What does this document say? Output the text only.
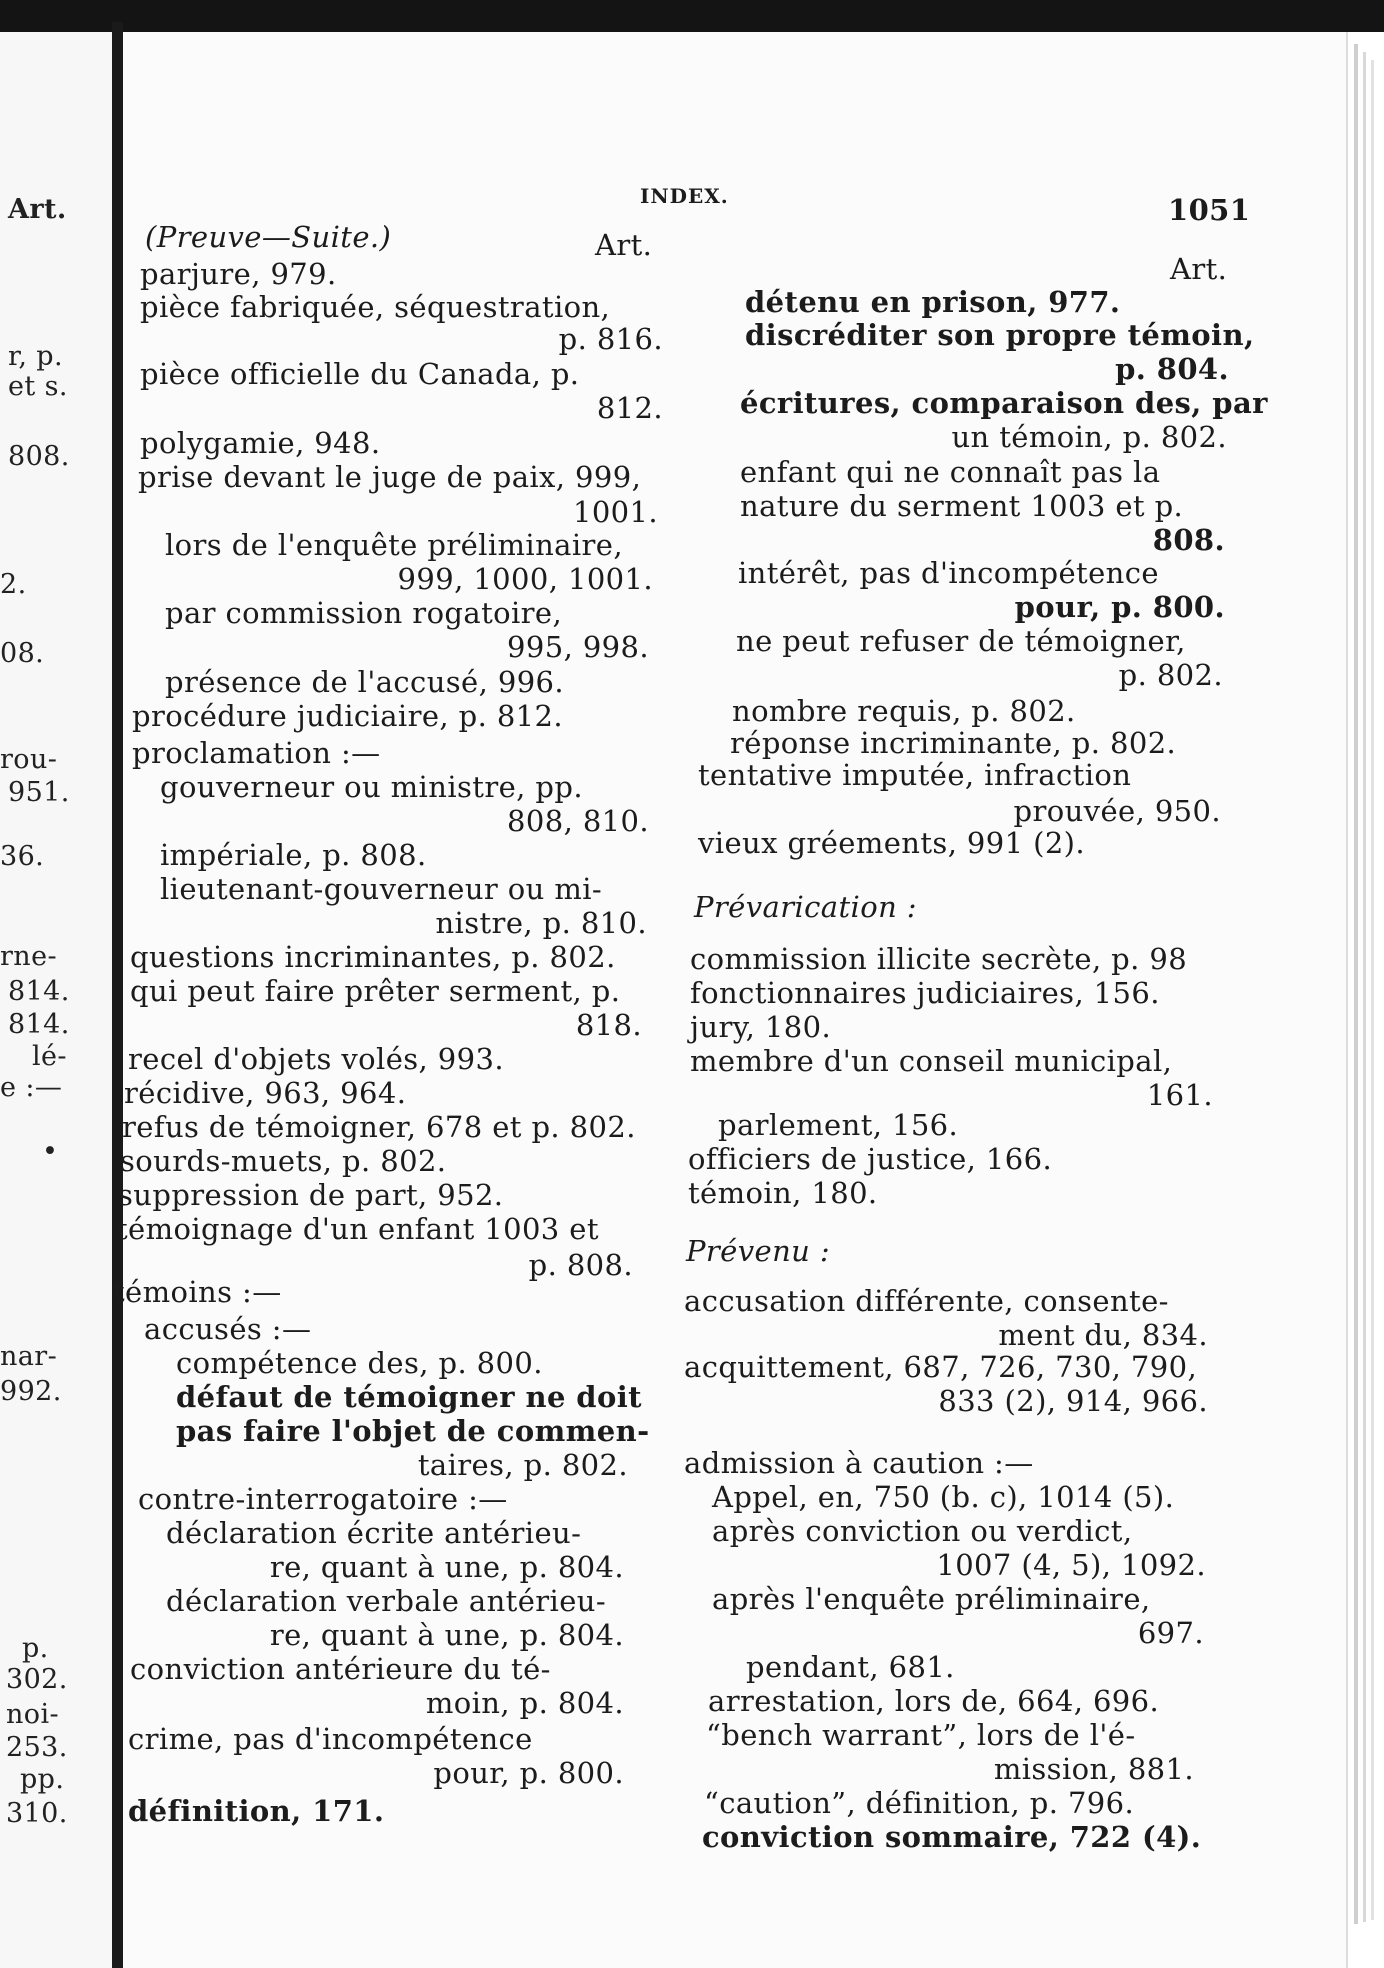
INDEX.	1051

Art.

r, p.

et s.

808.

2.

08.

rou-

951.

36.

rne-

814.

814.

lé-

e :—

•

nar-

992.

p.

302.

noi-

253.

pp.

310.

(Preuve—Suite.)	Art.

parjure, 979.

pièce fabriquée, séquestration,

p. 816.

pièce officielle du Canada, p.

812.

polygamie, 948.

prise devant le juge de paix, 999,

1001.

lors de l'enquête préliminaire,

999, 1000, 1001.

par commission rogatoire,

995, 998.

présence de l'accusé, 996.

procédure judiciaire, p. 812.

proclamation :—

gouverneur ou ministre, pp.

808, 810.

impériale, p. 808.

lieutenant-gouverneur ou mi-

nistre, p. 810.

questions incriminantes, p. 802.

qui peut faire prêter serment, p.

818.

recel d'objets volés, 993.

récidive, 963, 964.

refus de témoigner, 678 et p. 802.

sourds-muets, p. 802.

suppression de part, 952.

témoignage d'un enfant 1003 et

p. 808.

témoins :—

accusés :—

compétence des, p. 800.

défaut de témoigner ne doit

pas faire l'objet de commen-

taires, p. 802.

contre-interrogatoire :—

déclaration écrite antérieu-

re, quant à une, p. 804.

déclaration verbale antérieu-

re, quant à une, p. 804.

conviction antérieure du té-

moin, p. 804.

crime, pas d'incompétence

pour, p. 800.

définition, 171.

Art.

détenu en prison, 977.

discréditer son propre témoin,

p. 804.

écritures, comparaison des, par

un témoin, p. 802.

enfant qui ne connaît pas la

nature du serment 1003 et p.

808.

intérêt, pas d'incompétence

pour, p. 800.

ne peut refuser de témoigner,

p. 802.

nombre requis, p. 802.

réponse incriminante, p. 802.

tentative imputée, infraction

prouvée, 950.

vieux gréements, 991 (2).

Prévarication :

commission illicite secrète, p. 98

fonctionnaires judiciaires, 156.

jury, 180.

membre d'un conseil municipal,

161.

parlement, 156.

officiers de justice, 166.

témoin, 180.

Prévenu :

accusation différente, consente-

ment du, 834.

acquittement, 687, 726, 730, 790,

833 (2), 914, 966.

admission à caution :—

Appel, en, 750 (b. c), 1014 (5).

après conviction ou verdict,

1007 (4, 5), 1092.

après l'enquête préliminaire,

697.

pendant, 681.

arrestation, lors de, 664, 696.

“bench warrant”, lors de l'é-

mission, 881.

“caution”, définition, p. 796.

conviction sommaire, 722 (4).
